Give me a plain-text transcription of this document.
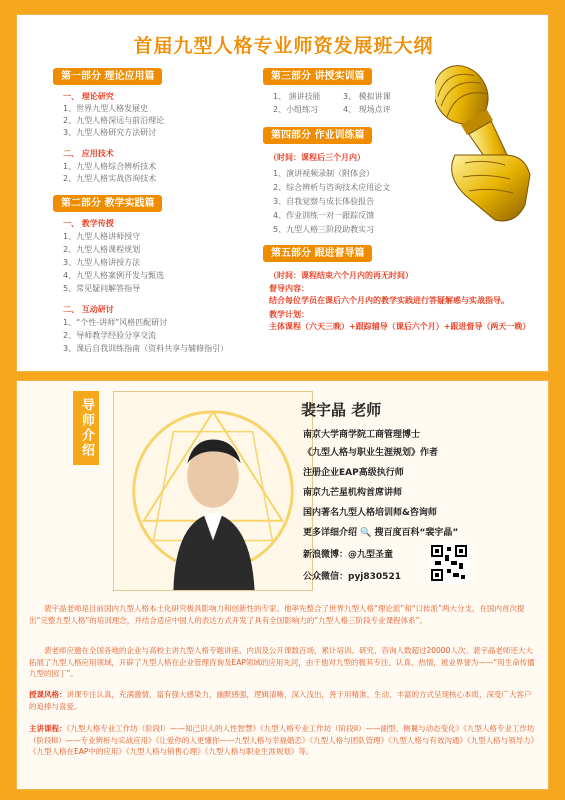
首届九型人格专业师资发展班大纲
第一部分 理论应用篇
一、 理论研究
1、世界九型人格发展史
2、九型人格深远与前沿理论
3、九型人格研究方法研讨
二、 应用技术
1、九型人格综合辨析技术
2、九型人格实战咨询技术
第二部分 教学实践篇
一、 教学传授
1、九型人格讲师授守
2、九型人格课程规划
3、九型人格讲授方法
4、九型人格案例开发与甄选
5、常见疑问解答指导
二、 互动研讨
1、“个性-讲师”风格匹配研讨
2、导师教学经验分享交流
3、课后自我训练指南（资料共享与辅修指引）
第三部分 讲授实训篇
1、 演讲技能
2、小组练习
3、 模拟讲课
4、 现场点评
第四部分 作业训练篇
（时间：课程后三个月内）
1、演讲视频录制（附体会）
2、综合辨析与咨询技术应用论文
3、自我觉察与成长体验报告
4、作业训练一对一跟踪反馈
5、九型人格三阶段助教实习
第五部分 跟进督导篇
（时间：课程结束六个月内的再无时间）
督导内容：
结合每位学员在课后六个月内的教学实践进行答疑解惑与实战指导。
教学计划：
主体课程（六天三晚）+跟踪辅导（课后六个月）+跟进督导（两天一晚）
导师介绍	裴宇晶 老师
南京大学商学院工商管理博士
《九型人格与职业生涯规划》作者
注册企业EAP高级执行师
南京九芒星机构首席讲师
国内著名九型人格培训师&咨询师
更多详细介绍 🔍 搜百度百科“裴宇晶”
新浪微博：@九型圣童
公众微信：pyj830521
裴宇晶老师是目前国内九型人格本土化研究极具影响力和创新性的专家。他率先整合了世界九型人格“理论派”和“口传派”两大分支，在国内首次提出“完整九型人格”的培训理念，并结合适应中国人的表达方式开发了具有全国影响力的“九型人格三阶段专业课程体系”。
裴老师应邀在全国各地的企业与高校主讲九型人格专题讲座、内训及公开课数百场，累计培训、研究、咨询人数超过20000人次。裴宇晶老师还大大拓展了九型人格应用领域，开辟了九型人格在企业管理咨询及EAP领域的应用先河，由于他对九型的极其专注、认真、热情，被业界誉为——“用生命传播九型的园丁”。
授课风格：讲课专注认真，充满激情，富有强大感染力，幽默感强，逻辑清晰，深入浅出，善于用精准、生动、丰富的方式呈现核心本质，深受广大客户的追捧与喜爱。
主讲课程：《九型人格专业工作坊（阶段I）——知己识人的人性智慧》《九型人格专业工作坊（阶段II）——副型、侧翼与动态变化》《九型人格专业工作坊（阶段III）——专业辨析与实战应用》《让爱你的人更懂你——九型人格与幸福婚恋》《九型人格与团队管理》《九型人格与有效沟通》《九型人格与领导力》《九型人格在EAP中的应用》《九型人格与销售心理》《九型人格与职业生涯规划》等。
